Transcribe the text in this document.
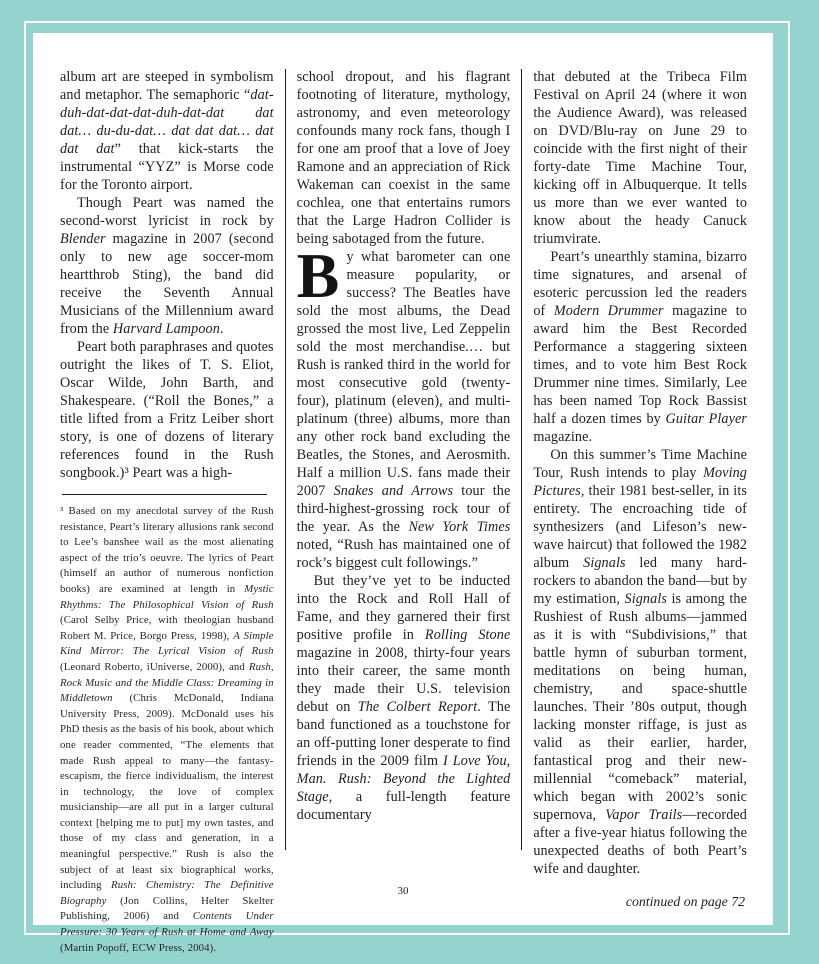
album art are steeped in symbolism and metaphor. The semaphoric “dat-duh-dat-dat-dat-duh-dat-dat dat dat… du-du-dat… dat dat dat… dat dat dat” that kick-starts the instrumental “YYZ” is Morse code for the Toronto airport.

Though Peart was named the second-worst lyricist in rock by Blender magazine in 2007 (second only to new age soccer-mom heartthrob Sting), the band did receive the Seventh Annual Musicians of the Millennium award from the Harvard Lampoon.

Peart both paraphrases and quotes outright the likes of T. S. Eliot, Oscar Wilde, John Barth, and Shakespeare. (“Roll the Bones,” a title lifted from a Fritz Leiber short story, is one of dozens of literary references found in the Rush songbook.)³ Peart was a high-

³ Based on my anecdotal survey of the Rush resistance, Peart’s literary allusions rank second to Lee’s banshee wail as the most alienating aspect of the trio’s oeuvre. The lyrics of Peart (himself an author of numerous nonfiction books) are examined at length in Mystic Rhythms: The Philosophical Vision of Rush (Carol Selby Price, with theologian husband Robert M. Price, Borgo Press, 1998), A Simple Kind Mirror: The Lyrical Vision of Rush (Leonard Roberto, iUniverse, 2000), and Rush, Rock Music and the Middle Class: Dreaming in Middletown (Chris McDonald, Indiana University Press, 2009). McDonald uses his PhD thesis as the basis of his book, about which one reader commented, “The elements that made Rush appeal to many—the fantasy-escapism, the fierce individualism, the interest in technology, the love of complex musicianship—are all put in a larger cultural context [helping me to put] my own tastes, and those of my class and generation, in a meaningful perspective.” Rush is also the subject of at least six biographical works, including Rush: Chemistry: The Definitive Biography (Jon Collins, Helter Skelter Publishing, 2006) and Contents Under Pressure: 30 Years of Rush at Home and Away (Martin Popoff, ECW Press, 2004).

school dropout, and his flagrant footnoting of literature, mythology, astronomy, and even meteorology confounds many rock fans, though I for one am proof that a love of Joey Ramone and an appreciation of Rick Wakeman can coexist in the same cochlea, one that entertains rumors that the Large Hadron Collider is being sabotaged from the future.

By what barometer can one measure popularity, or success? The Beatles have sold the most albums, the Dead grossed the most live, Led Zeppelin sold the most merchandise.… but Rush is ranked third in the world for most consecutive gold (twenty-four), platinum (eleven), and multi-platinum (three) albums, more than any other rock band excluding the Beatles, the Stones, and Aerosmith. Half a million U.S. fans made their 2007 Snakes and Arrows tour the third-highest-grossing rock tour of the year. As the New York Times noted, “Rush has maintained one of rock’s biggest cult followings.”

But they’ve yet to be inducted into the Rock and Roll Hall of Fame, and they garnered their first positive profile in Rolling Stone magazine in 2008, thirty-four years into their career, the same month they made their U.S. television debut on The Colbert Report. The band functioned as a touchstone for an off-putting loner desperate to find friends in the 2009 film I Love You, Man. Rush: Beyond the Lighted Stage, a full-length feature documentary

that debuted at the Tribeca Film Festival on April 24 (where it won the Audience Award), was released on DVD/Blu-ray on June 29 to coincide with the first night of their forty-date Time Machine Tour, kicking off in Albuquerque. It tells us more than we ever wanted to know about the heady Canuck triumvirate.

Peart’s unearthly stamina, bizarro time signatures, and arsenal of esoteric percussion led the readers of Modern Drummer magazine to award him the Best Recorded Performance a staggering sixteen times, and to vote him Best Rock Drummer nine times. Similarly, Lee has been named Top Rock Bassist half a dozen times by Guitar Player magazine.

On this summer’s Time Machine Tour, Rush intends to play Moving Pictures, their 1981 best-seller, in its entirety. The encroaching tide of synthesizers (and Lifeson’s new-wave haircut) that followed the 1982 album Signals led many hard-rockers to abandon the band—but by my estimation, Signals is among the Rushiest of Rush albums—jammed as it is with “Subdivisions,” that battle hymn of suburban torment, meditations on being human, chemistry, and space-shuttle launches. Their ’80s output, though lacking monster riffage, is just as valid as their earlier, harder, fantastical prog and their new-millennial “comeback” material, which began with 2002’s sonic supernova, Vapor Trails—recorded after a five-year hiatus following the unexpected deaths of both Peart’s wife and daughter.

continued on page 72
30
